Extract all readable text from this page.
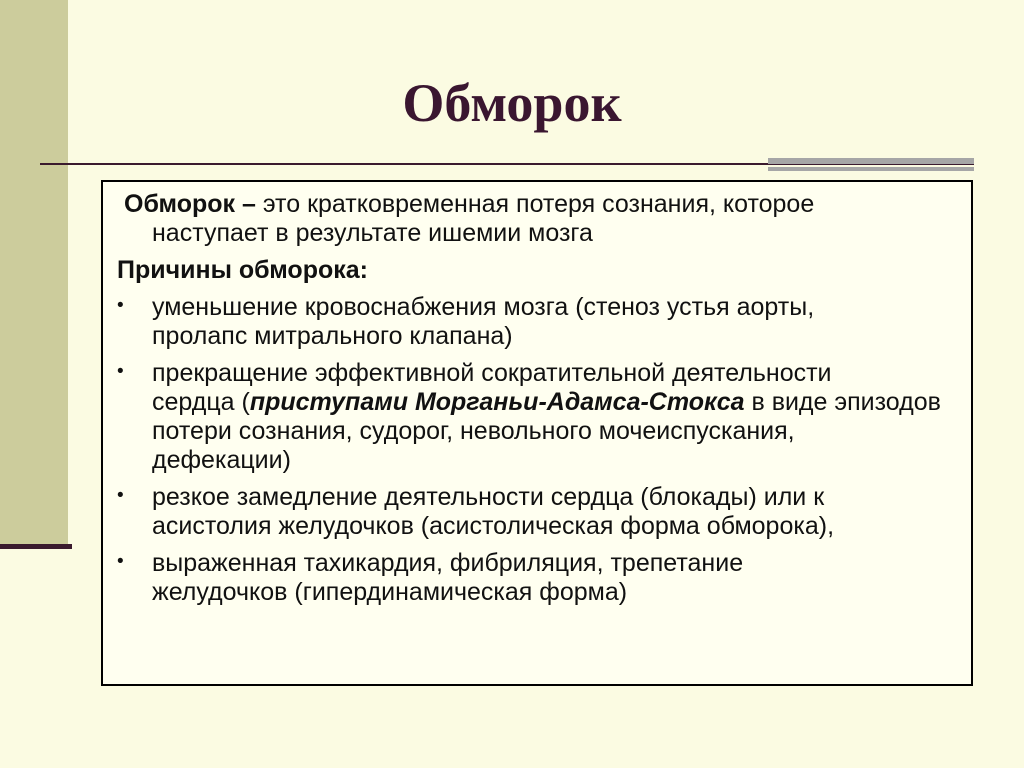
Обморок
Обморок – это кратковременная потеря сознания, которое
наступает в результате ишемии мозга
Причины обморока:
• уменьшение кровоснабжения мозга (стеноз устья аорты,
пролапс митрального клапана)
• прекращение эффективной сократительной деятельности
сердца (приступами Морганьи-Адамса-Стокса в виде эпизодов
потери сознания, судорог, невольного мочеиспускания,
дефекации)
• резкое замедление деятельности сердца (блокады) или к
асистолия желудочков (асистолическая форма обморока),
• выраженная тахикардия, фибриляция, трепетание
желудочков (гипердинамическая форма)
